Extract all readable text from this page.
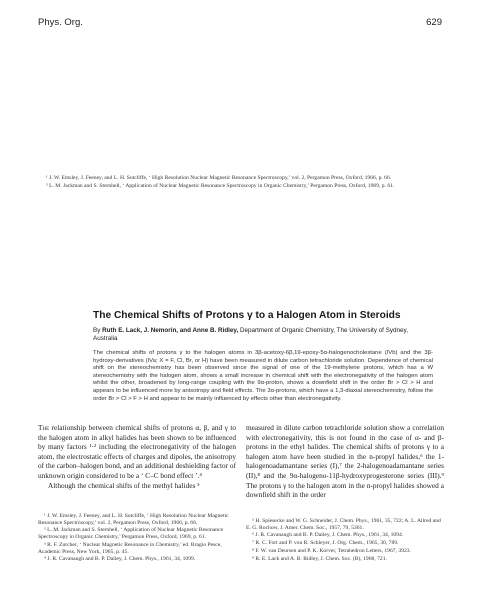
Phys. Org.	629

¹ J. W. Emsley, J. Feeney, and L. H. Sutcliffe, ‘ High Resolution Nuclear Magnetic Resonance Spectroscopy,’ vol. 2, Pergamon Press, Oxford, 1966, p. 66.

² L. M. Jackman and S. Sternhell, ‘ Application of Nuclear Magnetic Resonance Spectroscopy in Organic Chemistry,’ Pergamon Press, Oxford, 1969, p. 61.

The Chemical Shifts of Protons γ to a Halogen Atom in Steroids
By Ruth E. Lack, J. Nemorin, and Anne B. Ridley, Department of Organic Chemistry, The University of Sydney, Australia

The chemical shifts of protons γ to the halogen atoms in 3β-acetoxy-6β,19-epoxy-5α-halogenocholestane (IVb) and the 3β-hydroxy-derivatives (IVa; X = F, Cl, Br, or H) have been measured in dilute carbon tetrachloride solution. Dependence of chemical shift on the stereochemistry has been observed since the signal of one of the 19-methylene protons, which has a W stereochemistry with the halogen atom, shows a small increase in chemical shift with the electronegativity of the halogen atom whilst the other, broadened by long-range coupling with the 9α-proton, shows a downfield shift in the order Br > Cl > H and appears to be influenced more by anisotropy and field effects. The 3α-protons, which have a 1,3-diaxial stereochemistry, follow the order Br > Cl > F > H and appear to be mainly influenced by effects other than electronegativity.

The relationship between chemical shifts of protons α, β, and γ to the halogen atom in alkyl halides has been shown to be influenced by many factors ¹·² including the electronegativity of the halogen atom, the electrostatic effects of charges and dipoles, the anisotropy of the carbon–halogen bond, and an additional deshielding factor of unknown origin considered to be a ‘ C–C bond effect ’.⁴

Although the chemical shifts of the methyl halides ⁵

measured in dilute carbon tetrachloride solution show a correlation with electronegativity, this is not found in the case of α- and β-protons in the ethyl halides. The chemical shifts of protons γ to a halogen atom have been studied in the n-propyl halides,⁶ the 1-halogenoadamantane series (I),⁷ the 2-halogenoadamantane series (II),⁸ and the 9α-halogeno-11β-hydroxyprogesterone series (III).⁹ The protons γ to the halogen atom in the n-propyl halides showed a downfield shift in the order

¹ J. W. Emsley, J. Feeney, and L. H. Sutcliffe, ‘ High Resolution Nuclear Magnetic Resonance Spectroscopy,’ vol. 2, Pergamon Press, Oxford, 1966, p. 66.

² L. M. Jackman and S. Sternhell, ‘ Application of Nuclear Magnetic Resonance Spectroscopy in Organic Chemistry,’ Pergamon Press, Oxford, 1969, p. 61.

³ R. F. Zurcher, ‘ Nuclear Magnetic Resonance in Chemistry,’ ed. Bragio Pesce, Academic Press, New York, 1965, p. 45.

⁴ J. R. Cavanaugh and B. P. Dailey, J. Chem. Phys., 1961, 34, 1099.

⁵ H. Spiesecke and W. G. Schneider, J. Chem. Phys., 1961, 35, 722; A. L. Allred and E. G. Rochow, J. Amer. Chem. Soc., 1957, 79, 5361.

⁶ J. R. Cavanaugh and B. P. Dailey, J. Chem. Phys., 1961, 34, 1094.

⁷ R. C. Fort and P. von R. Schleyer, J. Org. Chem., 1965, 30, 789.

⁸ F. W. van Deursen and P. K. Korver, Tetrahedron Letters, 1967, 3923.

⁹ R. E. Lack and A. B. Ridley, J. Chem. Soc. (B), 1968, 721.
